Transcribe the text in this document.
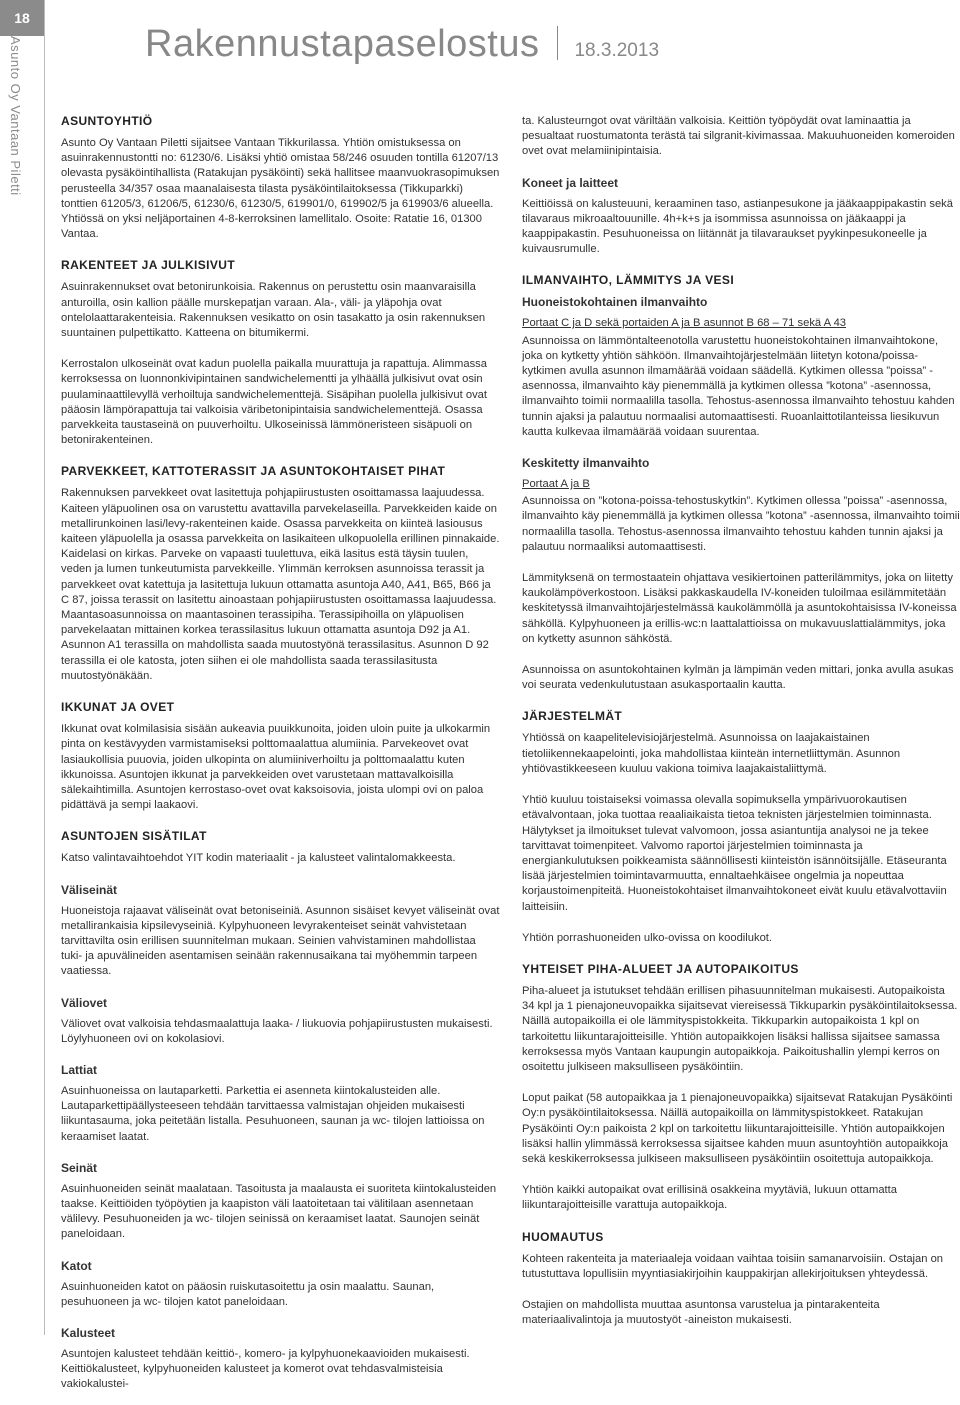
18
Asunto Oy Vantaan Piletti	Rakennustapaselostus 18.3.2013
ASUNTOYHTIÖ

Asunto Oy Vantaan Piletti sijaitsee Vantaan Tikkurilassa. Yhtiön omistuksessa on asuinrakennustontti no: 61230/6. Lisäksi yhtiö omistaa 58/246 osuuden tontilla 61207/13 olevasta pysäköintihallista (Ratakujan pysäköinti) sekä hallitsee maanvuokrasopimuksen perusteella 34/357 osaa maanalaisesta tilasta pysäköintilaitoksessa (Tikkuparkki) tonttien 61205/3, 61206/5, 61230/6, 61230/5, 619901/0, 619902/5 ja 619903/6 alueella. Yhtiössä on yksi neljäportainen 4-8-kerroksinen lamellitalo. Osoite: Ratatie 16, 01300 Vantaa.

RAKENTEET JA JULKISIVUT

Asuinrakennukset ovat betonirunkoisia. Rakennus on perustettu osin maanvaraisilla anturoilla, osin kallion päälle murskepatjan varaan. Ala-, väli- ja yläpohja ovat ontelolaattarakenteisia. Rakennuksen vesikatto on osin tasakatto ja osin rakennuksen suuntainen pulpettikatto. Katteena on bitumikermi.

Kerrostalon ulkoseinät ovat kadun puolella paikalla muurattuja ja rapattuja. Alimmassa kerroksessa on luonnonkivipintainen sandwichelementti ja ylhäällä julkisivut ovat osin puulaminaattilevyllä verhoiltuja sandwichelementtejä. Sisäpihan puolella julkisivut ovat pääosin lämpörapattuja tai valkoisia väribetonipintaisia sandwichelementtejä. Osassa parvekkeita taustaseinä on puuverhoiltu. Ulkoseinissä lämmöneristeen sisäpuoli on betonirakenteinen.

PARVEKKEET, KATTOTERASSIT JA ASUNTOKOHTAISET PIHAT

Rakennuksen parvekkeet ovat lasitettuja pohjapiirustusten osoittamassa laajuudessa. Kaiteen yläpuolinen osa on varustettu avattavilla parvekelaseilla. Parvekkeiden kaide on metallirunkoinen lasi/levy-rakenteinen kaide. Osassa parvekkeita on kiinteä lasiousus kaiteen yläpuolella ja osassa parvekkeita on lasikaiteen ulkopuolella erillinen pinnakaide. Kaidelasi on kirkas. Parveke on vapaasti tuulettuva, eikä lasitus estä täysin tuulen, veden ja lumen tunkeutumista parvekkeille. Ylimmän kerroksen asunnoissa terassit ja parvekkeet ovat katettuja ja lasitettuja lukuun ottamatta asuntoja A40, A41, B65, B66 ja C 87, joissa terassit on lasitettu ainoastaan pohjapiirustusten osoittamassa laajuudessa. Maantasoasunnoissa on maantasoinen terassipiha. Terassipihoilla on yläpuolisen parvekelaatan mittainen korkea terassilasitus lukuun ottamatta asuntoja D92 ja A1. Asunnon A1 terassilla on mahdollista saada muutostyönä terassilasitus. Asunnon D 92 terassilla ei ole katosta, joten siihen ei ole mahdollista saada terassilasitusta muutostyönäkään.

IKKUNAT JA OVET

Ikkunat ovat kolmilasisia sisään aukeavia puuikkunoita, joiden uloin puite ja ulkokarmin pinta on kestävyyden varmistamiseksi polttomaalattua alumiinia. Parvekeovet ovat lasiaukollisia puuovia, joiden ulkopinta on alumiiniverhoiltu ja polttomaalattu kuten ikkunoissa. Asuntojen ikkunat ja parvekkeiden ovet varustetaan mattavalkoisilla sälekaihtimilla. Asuntojen kerrostaso-ovet ovat kaksoisovia, joista ulompi ovi on paloa pidättävä ja sempi laakaovi.

ASUNTOJEN SISÄTILAT

Katso valintavaihtoehdot YIT kodin materiaalit - ja kalusteet valintalomakkeesta.

Väliseinät

Huoneistoja rajaavat väliseinät ovat betoniseiniä. Asunnon sisäiset kevyet väliseinät ovat metallirankaisia kipsilevyseiniä. Kylpyhuoneen levyrakenteiset seinät vahvistetaan tarvittavilta osin erillisen suunnitelman mukaan. Seinien vahvistaminen mahdollistaa tuki- ja apuvälineiden asentamisen seinään rakennusaikana tai myöhemmin tarpeen vaatiessa.

Väliovet

Väliovet ovat valkoisia tehdasmaalattuja laaka- / liukuovia pohjapiirustusten mukaisesti. Löylyhuoneen ovi on kokolasiovi.

Lattiat

Asuinhuoneissa on lautaparketti. Parkettia ei asenneta kiintokalusteiden alle. Lautaparkettipäällysteeseen tehdään tarvittaessa valmistajan ohjeiden mukaisesti liikuntasauma, joka peitetään listalla. Pesuhuoneen, saunan ja wc- tilojen lattioissa on keraamiset laatat.

Seinät

Asuinhuoneiden seinät maalataan. Tasoitusta ja maalausta ei suoriteta kiintokalusteiden taakse. Keittiöiden työpöytien ja kaapiston väli laatoitetaan tai välitilaan asennetaan välilevy. Pesuhuoneiden ja wc- tilojen seinissä on keraamiset laatat. Saunojen seinät paneloidaan.

Katot

Asuinhuoneiden katot on pääosin ruiskutasoitettu ja osin maalattu. Saunan, pesuhuoneen ja wc- tilojen katot paneloidaan.

Kalusteet

Asuntojen kalusteet tehdään keittiö-, komero- ja kylpyhuonekaavioiden mukaisesti. Keittiökalusteet, kylpyhuoneiden kalusteet ja komerot ovat tehdasvalmisteisia vakiokalustei-

ta. Kalusteurngot ovat väriltään valkoisia. Keittiön työpöydät ovat laminaattia ja pesualtaat ruostumatonta terästä tai silgranit-kivimassaa. Makuuhuoneiden komeroiden ovet ovat melamiinipintaisia.

Koneet ja laitteet

Keittiöissä on kalusteuuni, keraaminen taso, astianpesukone ja jääkaappipakastin sekä tilavaraus mikroaaltouunille. 4h+k+s ja isommissa asunnoissa on jääkaappi ja kaappipakastin. Pesuhuoneissa on liitännät ja tilavaraukset pyykinpesukoneelle ja kuivausrumulle.

ILMANVAIHTO, LÄMMITYS JA VESI
Huoneistokohtainen ilmanvaihto

Portaat C ja D sekä portaiden A ja B asunnot B 68 – 71 sekä A 43

Asunnoissa on lämmöntalteenotolla varustettu huoneistokohtainen ilmanvaihtokone, joka on kytketty yhtiön sähköön. Ilmanvaihtojärjestelmään liitetyn kotona/poissa-kytkimen avulla asunnon ilmamäärää voidaan säädellä. Kytkimen ollessa ”poissa” -asennossa, ilmanvaihto käy pienemmällä ja kytkimen ollessa ”kotona” -asennossa, ilmanvaihto toimii normaalilla tasolla. Tehostus-asennossa ilmanvaihto tehostuu kahden tunnin ajaksi ja palautuu normaalisi automaattisesti. Ruoanlaittotilanteissa liesikuvun kautta kulkevaa ilmamäärää voidaan suurentaa.

Keskitetty ilmanvaihto

Portaat A ja B

Asunnoissa on ”kotona-poissa-tehostuskytkin”. Kytkimen ollessa ”poissa” -asennossa, ilmanvaihto käy pienemmällä ja kytkimen ollessa ”kotona” -asennossa, ilmanvaihto toimii normaalilla tasolla. Tehostus-asennossa ilmanvaihto tehostuu kahden tunnin ajaksi ja palautuu normaaliksi automaattisesti.

Lämmityksenä on termostaatein ohjattava vesikiertoinen patterilämmitys, joka on liitetty kaukolämpöverkostoon. Lisäksi pakkaskaudella IV-koneiden tuloilmaa esilämmitetään keskitetyssä ilmanvaihtojärjestelmässä kaukolämmöllä ja asuntokohtaisissa IV-koneissa sähköllä. Kylpyhuoneen ja erillis-wc:n laattalattioissa on mukavuuslattialämmitys, joka on kytketty asunnon sähköstä.

Asunnoissa on asuntokohtainen kylmän ja lämpimän veden mittari, jonka avulla asukas voi seurata vedenkulutustaan asukasportaalin kautta.

JÄRJESTELMÄT

Yhtiössä on kaapelitelevisiojärjestelmä. Asunnoissa on laajakaistainen tietoliikennekaapelointi, joka mahdollistaa kiinteän internetliittymän. Asunnon yhtiövastikkeeseen kuuluu vakiona toimiva laajakaistaliittymä.

Yhtiö kuuluu toistaiseksi voimassa olevalla sopimuksella ympärivuorokautisen etävalvontaan, joka tuottaa reaaliaikaista tietoa teknisten järjestelmien toiminnasta. Hälytykset ja ilmoitukset tulevat valvomoon, jossa asiantuntija analysoi ne ja tekee tarvittavat toimenpiteet. Valvomo raportoi järjestelmien toiminnasta ja energiankulutuksen poikkeamista säännöllisesti kiinteistön isännöitsijälle. Etäseuranta lisää järjestelmien toimintavarmuutta, ennaltaehkäisee ongelmia ja nopeuttaa korjaustoimenpiteitä. Huoneistokohtaiset ilmanvaihtokoneet eivät kuulu etävalvottaviin laitteisiin.

Yhtiön porrashuoneiden ulko-ovissa on koodilukot.

YHTEISET PIHA-ALUEET JA AUTOPAIKOITUS

Piha-alueet ja istutukset tehdään erillisen pihasuunnitelman mukaisesti. Autopaikoista 34 kpl ja 1 pienajoneuvopaikka sijaitsevat viereisessä Tikkuparkin pysäköintilaitoksessa. Näillä autopaikoilla ei ole lämmityspistokkeita. Tikkuparkin autopaikoista 1 kpl on tarkoitettu liikuntarajoitteisille. Yhtiön autopaikkojen lisäksi hallissa sijaitsee samassa kerroksessa myös Vantaan kaupungin autopaikkoja. Paikoitushallin ylempi kerros on osoitettu julkiseen maksulliseen pysäköintiin.

Loput paikat (58 autopaikkaa ja 1 pienajoneuvopaikka) sijaitsevat Ratakujan Pysäköinti Oy:n pysäköintilaitoksessa. Näillä autopaikoilla on lämmityspistokkeet. Ratakujan Pysäköinti Oy:n paikoista 2 kpl on tarkoitettu liikuntarajoitteisille. Yhtiön autopaikkojen lisäksi hallin ylimmässä kerroksessa sijaitsee kahden muun asuntoyhtiön autopaikkoja sekä keskikerroksessa julkiseen maksulliseen pysäköintiin osoitettuja autopaikkoja.

Yhtiön kaikki autopaikat ovat erillisinä osakkeina myytäviä, lukuun ottamatta liikuntarajoitteisille varattuja autopaikkoja.

HUOMAUTUS

Kohteen rakenteita ja materiaaleja voidaan vaihtaa toisiin samanarvoisiin. Ostajan on tutustuttava lopullisiin myyntiasiakirjoihin kauppakirjan allekirjoituksen yhteydessä.

Ostajien on mahdollista muuttaa asuntonsa varustelua ja pintarakenteita materiaalivalintoja ja muutostyöt -aineiston mukaisesti.
